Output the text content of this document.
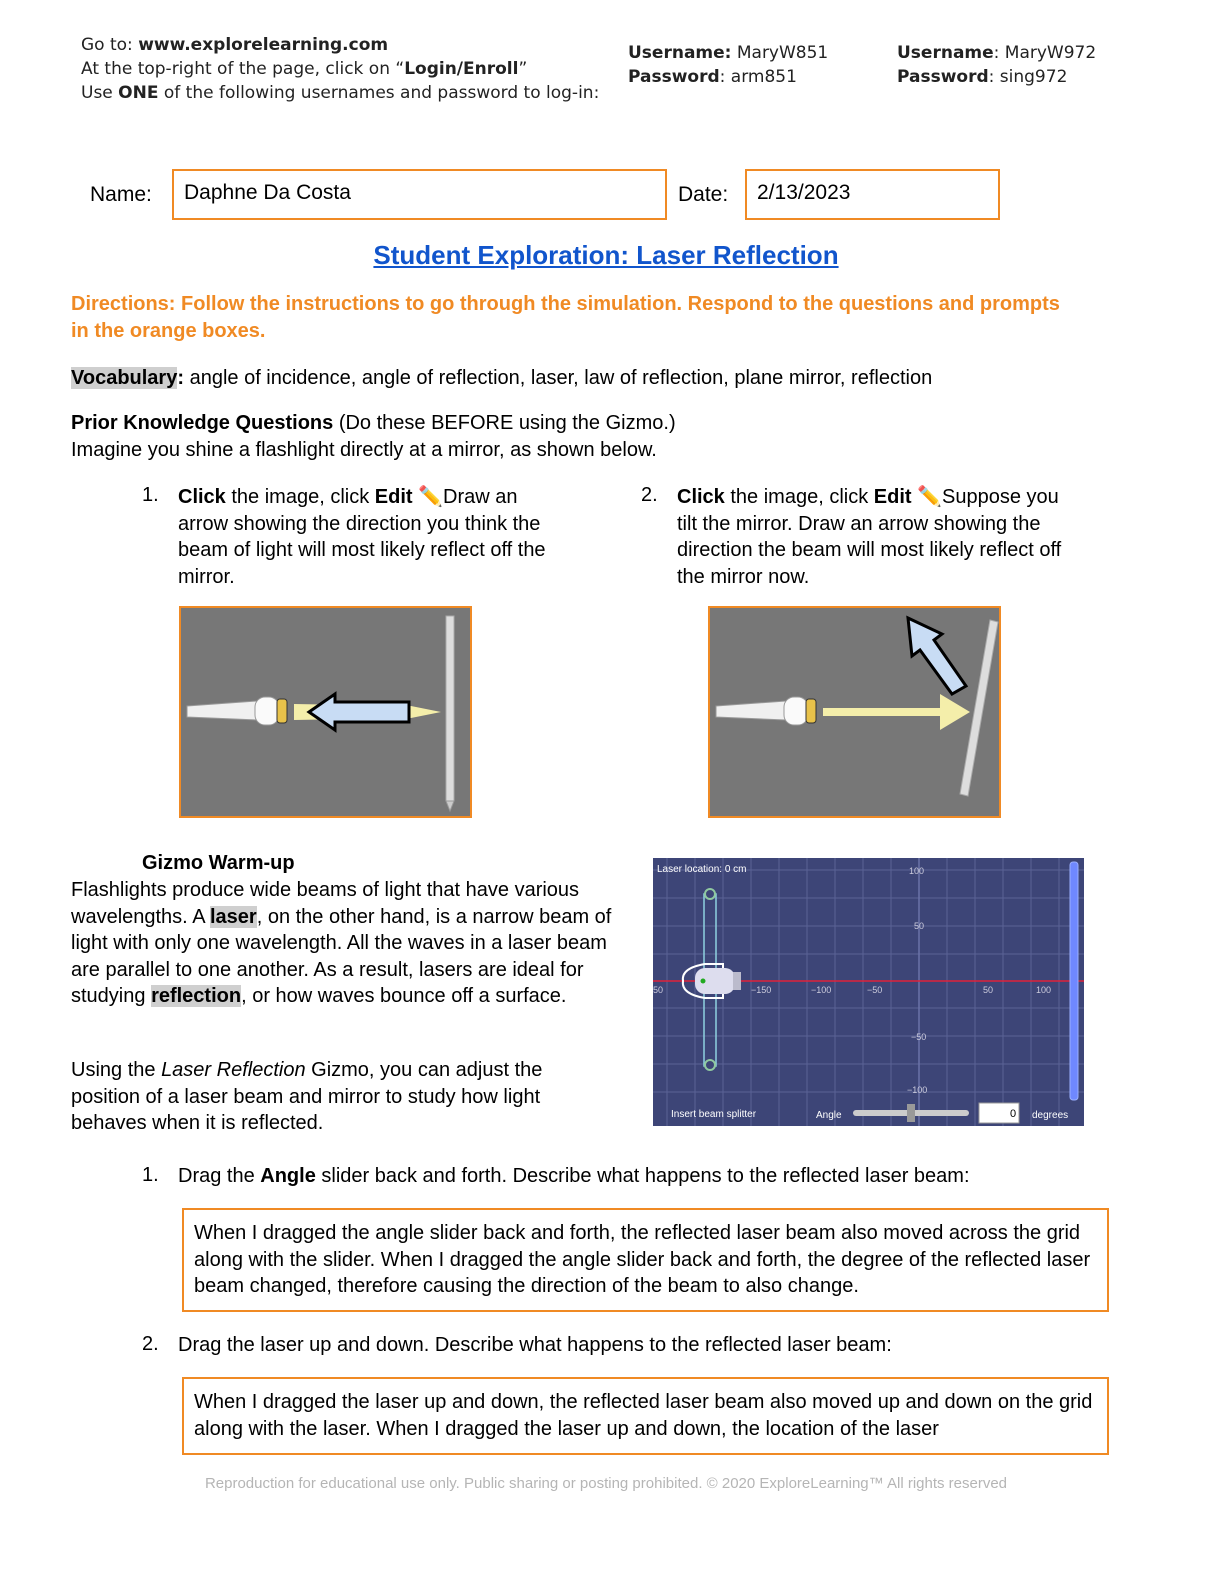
Go to: www.explorelearning.com
At the top-right of the page, click on “Login/Enroll”
Use ONE of the following usernames and password to log-in:
Username: MaryW851
Password: arm851
Username: MaryW972
Password: sing972
Name:	Daphne Da Costa	Date:	2/13/2023
Student Exploration: Laser Reflection
Directions: Follow the instructions to go through the simulation. Respond to the questions and prompts in the orange boxes.
Vocabulary: angle of incidence, angle of reflection, laser, law of reflection, plane mirror, reflection
Prior Knowledge Questions (Do these BEFORE using the Gizmo.)
Imagine you shine a flashlight directly at a mirror, as shown below.
1. Click the image, click Edit ✏️Draw an arrow showing the direction you think the beam of light will most likely reflect off the mirror.
2. Click the image, click Edit ✏️Suppose you tilt the mirror. Draw an arrow showing the direction the beam will most likely reflect off the mirror now.
Gizmo Warm-up
Flashlights produce wide beams of light that have various wavelengths. A laser, on the other hand, is a narrow beam of light with only one wavelength. All the waves in a laser beam are parallel to one another. As a result, lasers are ideal for studying reflection, or how waves bounce off a surface.
Using the Laser Reflection Gizmo, you can adjust the position of a laser beam and mirror to study how light behaves when it is reflected.
Laser location: 0 cm	100
50
−50
−100
50	−150	−100	−50	50	100
Insert beam splitter	Angle	0 degrees
1. Drag the Angle slider back and forth. Describe what happens to the reflected laser beam:
When I dragged the angle slider back and forth, the reflected laser beam also moved across the grid along with the slider. When I dragged the angle slider back and forth, the degree of the reflected laser beam changed, therefore causing the direction of the beam to also change.
2. Drag the laser up and down. Describe what happens to the reflected laser beam:
When I dragged the laser up and down, the reflected laser beam also moved up and down on the grid along with the laser. When I dragged the laser up and down, the location of the laser
Reproduction for educational use only. Public sharing or posting prohibited. © 2020 ExploreLearning™ All rights reserved
